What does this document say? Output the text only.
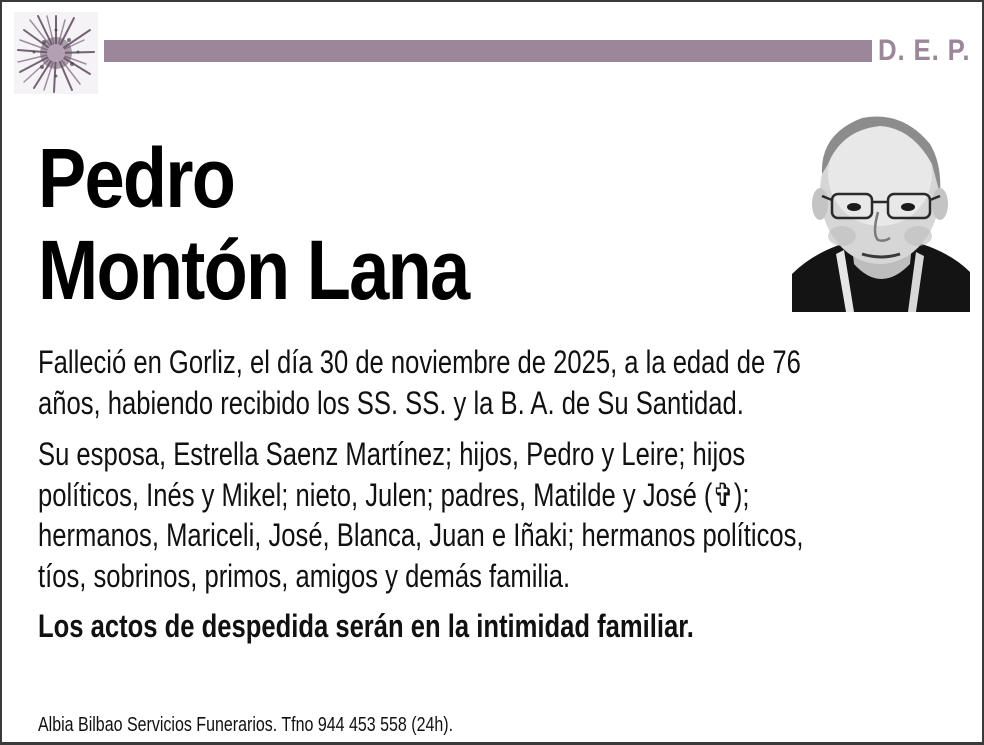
D. E. P.
Pedro
Montón Lana
Falleció en Gorliz, el día 30 de noviembre de 2025, a la edad de 76
años, habiendo recibido los SS. SS. y la B. A. de Su Santidad.
Su esposa, Estrella Saenz Martínez; hijos, Pedro y Leire; hijos
políticos, Inés y Mikel; nieto, Julen; padres, Matilde y José (✞);
hermanos, Mariceli, José, Blanca, Juan e Iñaki; hermanos políticos,
tíos, sobrinos, primos, amigos y demás familia.
Los actos de despedida serán en la intimidad familiar.
Albia Bilbao Servicios Funerarios. Tfno 944 453 558 (24h).
